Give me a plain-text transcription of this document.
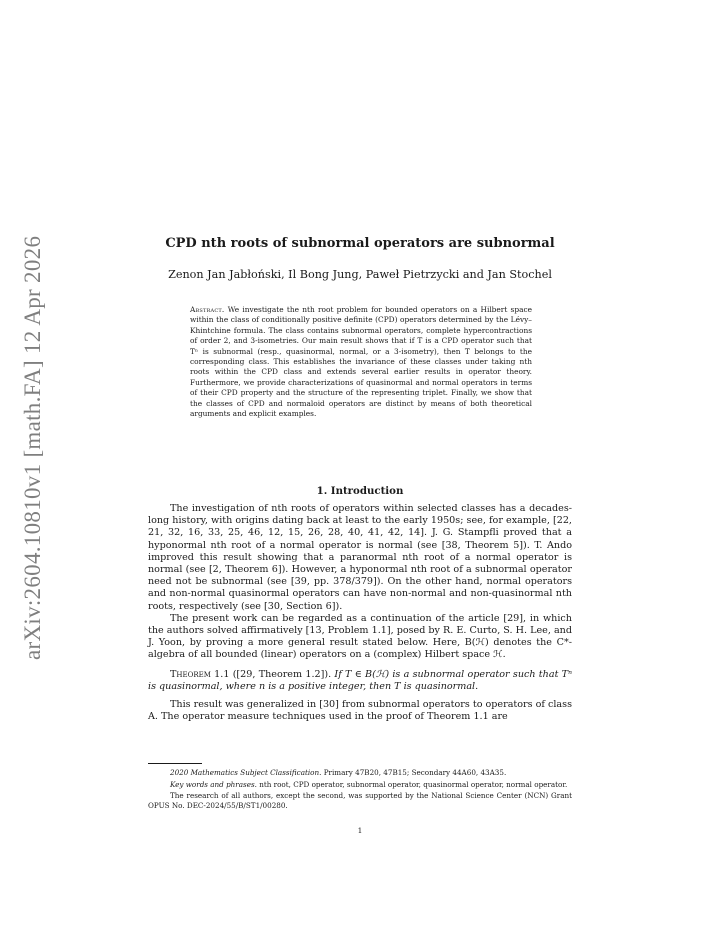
arXiv:2604.10810v1 [math.FA] 12 Apr 2026	CPD nth roots of subnormal operators are subnormal
Zenon Jan Jabłoński, Il Bong Jung, Paweł Pietrzycki and Jan Stochel
Abstract. We investigate the nth root problem for bounded operators on a Hilbert space within the class of conditionally positive definite (CPD) operators determined by the Lévy–Khintchine formula. The class contains subnormal operators, complete hypercontractions of order 2, and 3-isometries. Our main result shows that if T is a CPD operator such that Tⁿ is subnormal (resp., quasinormal, normal, or a 3-isometry), then T belongs to the corresponding class. This establishes the invariance of these classes under taking nth roots within the CPD class and extends several earlier results in operator theory. Furthermore, we provide characterizations of quasinormal and normal operators in terms of their CPD property and the structure of the representing triplet. Finally, we show that the classes of CPD and normaloid operators are distinct by means of both theoretical arguments and explicit examples.
1. Introduction

The investigation of nth roots of operators within selected classes has a decades-long history, with origins dating back at least to the early 1950s; see, for example, [22, 21, 32, 16, 33, 25, 46, 12, 15, 26, 28, 40, 41, 42, 14]. J. G. Stampfli proved that a hyponormal nth root of a normal operator is normal (see [38, Theorem 5]). T. Ando improved this result showing that a paranormal nth root of a normal operator is normal (see [2, Theorem 6]). However, a hyponormal nth root of a subnormal operator need not be subnormal (see [39, pp. 378/379]). On the other hand, normal operators and non-normal quasinormal operators can have non-normal and non-quasinormal nth roots, respectively (see [30, Section 6]).

The present work can be regarded as a continuation of the article [29], in which the authors solved affirmatively [13, Problem 1.1], posed by R. E. Curto, S. H. Lee, and J. Yoon, by proving a more general result stated below. Here, B(ℋ) denotes the C*-algebra of all bounded (linear) operators on a (complex) Hilbert space ℋ.

Theorem 1.1 ([29, Theorem 1.2]). If T ∈ B(ℋ) is a subnormal operator such that Tⁿ is quasinormal, where n is a positive integer, then T is quasinormal.

This result was generalized in [30] from subnormal operators to operators of class A. The operator measure techniques used in the proof of Theorem 1.1 are

2020 Mathematics Subject Classification. Primary 47B20, 47B15; Secondary 44A60, 43A35.

Key words and phrases. nth root, CPD operator, subnormal operator, quasinormal operator, normal operator.

The research of all authors, except the second, was supported by the National Science Center (NCN) Grant OPUS No. DEC-2024/55/B/ST1/00280.

1
